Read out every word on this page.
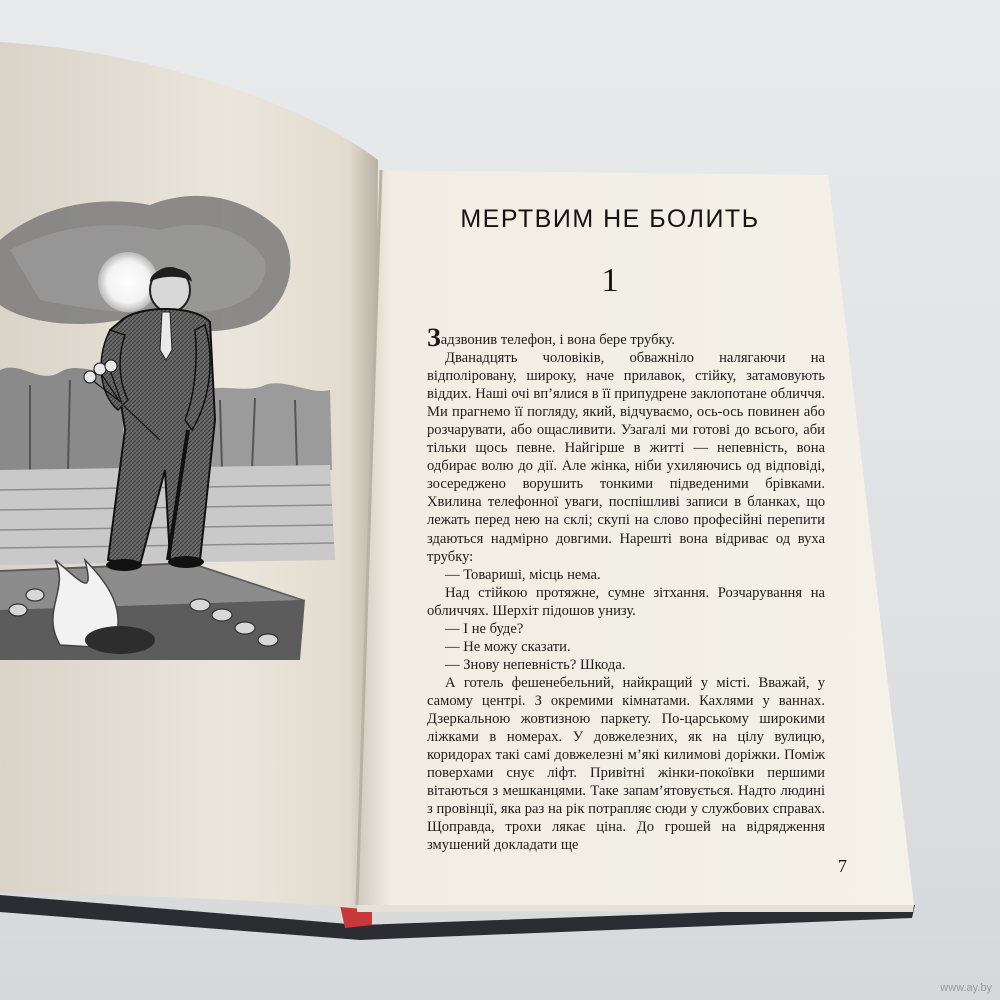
МЕРТВИМ НЕ БОЛИТЬ
1

Задзвонив телефон, і вона бере трубку.

Дванадцять чоловіків, обважніло налягаючи на відполіровану, широку, наче прилавок, стійку, затамовують віддих. Наші очі вп’ялися в її припудрене заклопотане обличчя. Ми прагнемо її погляду, який, відчуваємо, ось-ось повинен або розчарувати, або ощасливити. Узагалі ми готові до всього, аби тільки щось певне. Найгірше в житті — непевність, вона одбирає волю до дії. Але жінка, ніби ухиляючись од відповіді, зосереджено ворушить тонкими підведеними брівками. Хвилина телефонної уваги, поспішливі записи в бланках, що лежать перед нею на склі; скупі на слово професійні перепити здаються надмірно довгими. Нарешті вона відриває од вуха трубку:

— Товариші, місць нема.

Над стійкою протяжне, сумне зітхання. Розчарування на обличчях. Шерхіт підошов унизу.

— І не буде?

— Не можу сказати.

— Знову непевність? Шкода.

А готель фешенебельний, найкращий у місті. Вважай, у самому центрі. З окремими кімнатами. Кахлями у ваннах. Дзеркальною жовтизною паркету. По-царському широкими ліжками в номерах. У довжелезних, як на цілу вулицю, коридорах такі самі довжелезні м’які килимові доріжки. Поміж поверхами снує ліфт. Привітні жінки-покоївки першими вітаються з мешканцями. Таке запам’ятовується. Надто людині з провінції, яка раз на рік потрапляє сюди у службових справах. Щоправда, трохи лякає ціна. До грошей на відрядження змушений докладати ще

7
www.ay.by
